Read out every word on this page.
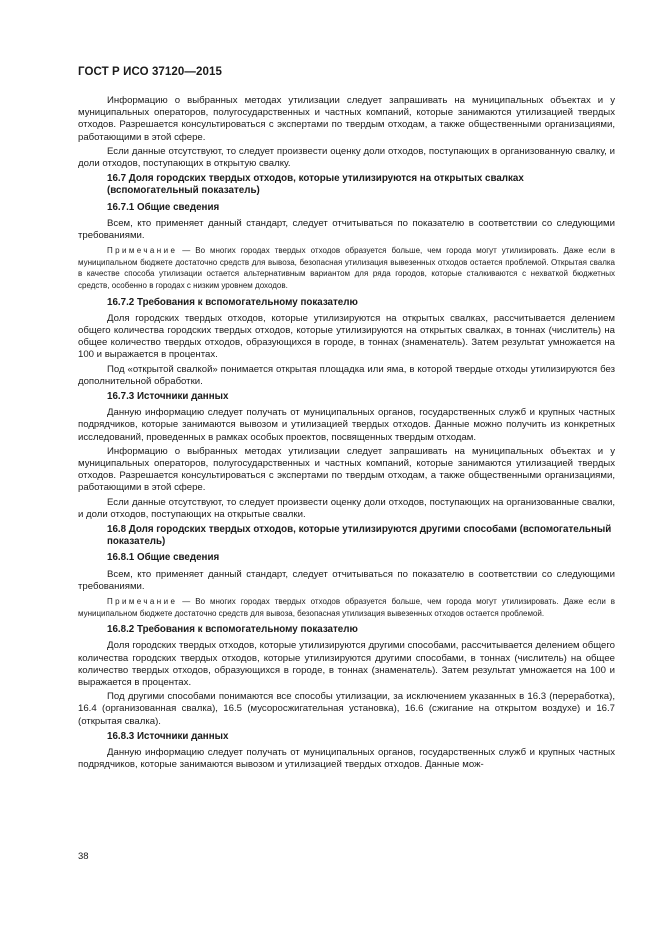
ГОСТ Р ИСО 37120—2015
Информацию о выбранных методах утилизации следует запрашивать на муниципальных объектах и у муниципальных операторов, полугосударственных и частных компаний, которые занимаются утилизацией твердых отходов. Разрешается консультироваться с экспертами по твердым отходам, а также общественными организациями, работающими в этой сфере.
Если данные отсутствуют, то следует произвести оценку доли отходов, поступающих в организованную свалку, и доли отходов, поступающих в открытую свалку.
16.7 Доля городских твердых отходов, которые утилизируются на открытых свалках (вспомогательный показатель)
16.7.1 Общие сведения
Всем, кто применяет данный стандарт, следует отчитываться по показателю в соответствии со следующими требованиями.
Примечание — Во многих городах твердых отходов образуется больше, чем города могут утилизировать. Даже если в муниципальном бюджете достаточно средств для вывоза, безопасная утилизация вывезенных отходов остается проблемой. Открытая свалка в качестве способа утилизации остается альтернативным вариантом для ряда городов, которые сталкиваются с нехваткой бюджетных средств, особенно в городах с низким уровнем доходов.
16.7.2 Требования к вспомогательному показателю
Доля городских твердых отходов, которые утилизируются на открытых свалках, рассчитывается делением общего количества городских твердых отходов, которые утилизируются на открытых свалках, в тоннах (числитель) на общее количество твердых отходов, образующихся в городе, в тоннах (знаменатель). Затем результат умножается на 100 и выражается в процентах.
Под «открытой свалкой» понимается открытая площадка или яма, в которой твердые отходы утилизируются без дополнительной обработки.
16.7.3 Источники данных
Данную информацию следует получать от муниципальных органов, государственных служб и крупных частных подрядчиков, которые занимаются вывозом и утилизацией твердых отходов. Данные можно получить из конкретных исследований, проведенных в рамках особых проектов, посвященных твердым отходам.
Информацию о выбранных методах утилизации следует запрашивать на муниципальных объектах и у муниципальных операторов, полугосударственных и частных компаний, которые занимаются утилизацией твердых отходов. Разрешается консультироваться с экспертами по твердым отходам, а также общественными организациями, работающими в этой сфере.
Если данные отсутствуют, то следует произвести оценку доли отходов, поступающих на организованные свалки, и доли отходов, поступающих на открытые свалки.
16.8 Доля городских твердых отходов, которые утилизируются другими способами (вспомогательный показатель)
16.8.1 Общие сведения
Всем, кто применяет данный стандарт, следует отчитываться по показателю в соответствии со следующими требованиями.
Примечание — Во многих городах твердых отходов образуется больше, чем города могут утилизировать. Даже если в муниципальном бюджете достаточно средств для вывоза, безопасная утилизация вывезенных отходов остается проблемой.
16.8.2 Требования к вспомогательному показателю
Доля городских твердых отходов, которые утилизируются другими способами, рассчитывается делением общего количества городских твердых отходов, которые утилизируются другими способами, в тоннах (числитель) на общее количество твердых отходов, образующихся в городе, в тоннах (знаменатель). Затем результат умножается на 100 и выражается в процентах.
Под другими способами понимаются все способы утилизации, за исключением указанных в 16.3 (переработка), 16.4 (организованная свалка), 16.5 (мусоросжигательная установка), 16.6 (сжигание на открытом воздухе) и 16.7 (открытая свалка).
16.8.3 Источники данных
Данную информацию следует получать от муниципальных органов, государственных служб и крупных частных подрядчиков, которые занимаются вывозом и утилизацией твердых отходов. Данные мож-
38
